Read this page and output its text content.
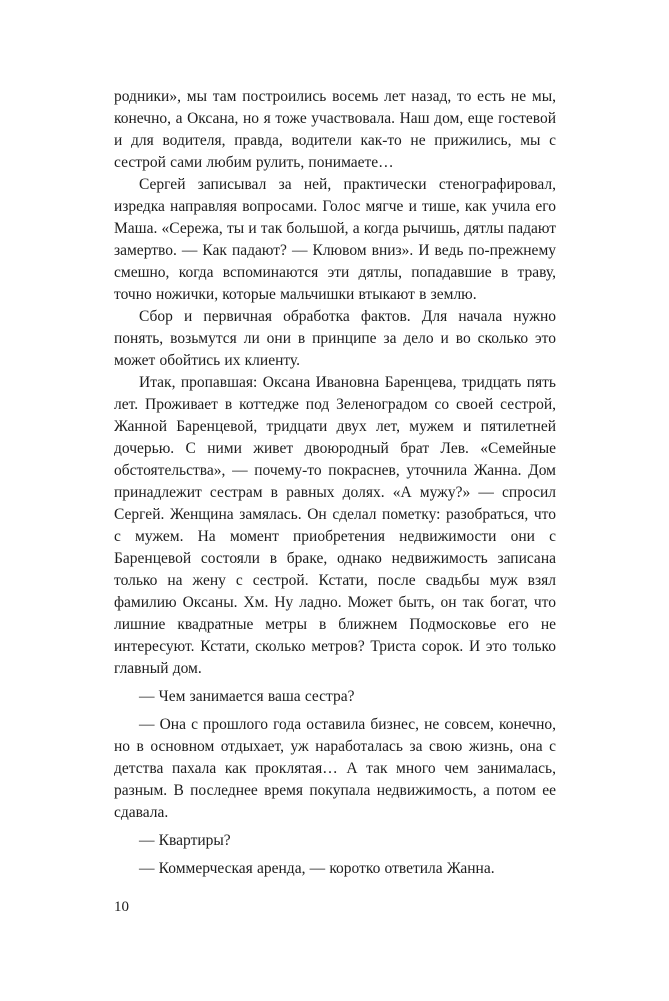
родники», мы там построились восемь лет назад, то есть не мы, конечно, а Оксана, но я тоже участвовала. Наш дом, еще гостевой и для водителя, правда, водители как-то не прижились, мы с сестрой сами любим рулить, понимаете…

Сергей записывал за ней, практически стенографировал, изредка направляя вопросами. Голос мягче и тише, как учила его Маша. «Сережа, ты и так большой, а когда рычишь, дятлы падают замертво. — Как падают? — Клювом вниз». И ведь по-прежнему смешно, когда вспоминаются эти дятлы, попадавшие в траву, точно ножички, которые мальчишки втыкают в землю.

Сбор и первичная обработка фактов. Для начала нужно понять, возьмутся ли они в принципе за дело и во сколько это может обойтись их клиенту.

Итак, пропавшая: Оксана Ивановна Баренцева, тридцать пять лет. Проживает в коттедже под Зеленоградом со своей сестрой, Жанной Баренцевой, тридцати двух лет, мужем и пятилетней дочерью. С ними живет двоюродный брат Лев. «Семейные обстоятельства», — почему-то покраснев, уточнила Жанна. Дом принадлежит сестрам в равных долях. «А мужу?» — спросил Сергей. Женщина замялась. Он сделал пометку: разобраться, что с мужем. На момент приобретения недвижимости они с Баренцевой состояли в браке, однако недвижимость записана только на жену с сестрой. Кстати, после свадьбы муж взял фамилию Оксаны. Хм. Ну ладно. Может быть, он так богат, что лишние квадратные метры в ближнем Подмосковье его не интересуют. Кстати, сколько метров? Триста сорок. И это только главный дом.

— Чем занимается ваша сестра?

— Она с прошлого года оставила бизнес, не совсем, конечно, но в основном отдыхает, уж наработалась за свою жизнь, она с детства пахала как проклятая… А так много чем занималась, разным. В последнее время покупала недвижимость, а потом ее сдавала.

— Квартиры?

— Коммерческая аренда, — коротко ответила Жанна.

10
